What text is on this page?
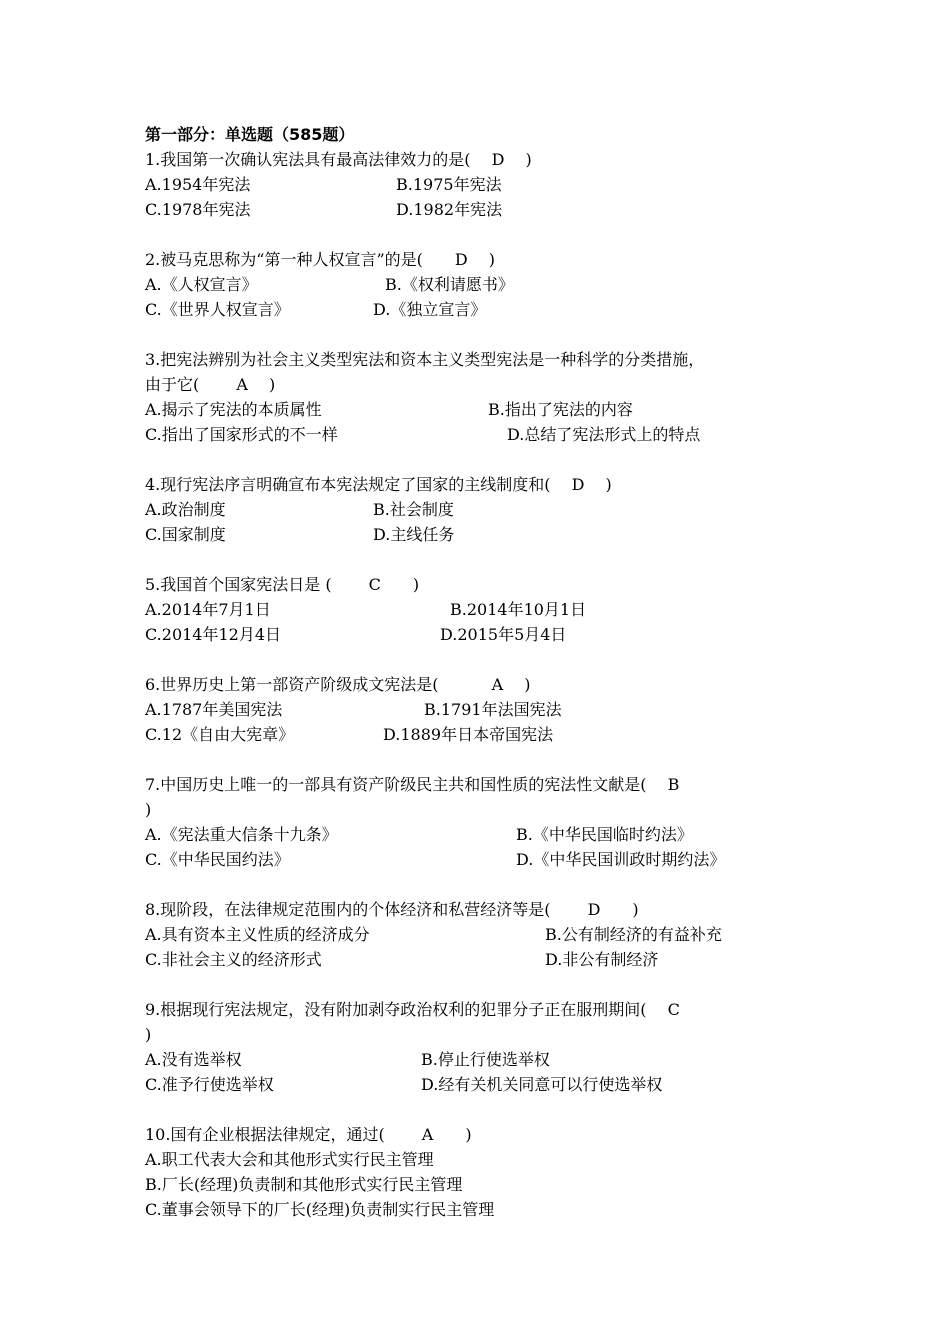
第一部分：单选题（585题）
1.我国第一次确认宪法具有最高法律效力的是(　 D　 )
A.1954年宪法	B.1975年宪法
C.1978年宪法	D.1982年宪法
2.被马克思称为“第一种人权宣言”的是(　　D　 )
A.《人权宣言》	B.《权利请愿书》
C.《世界人权宣言》	D.《独立宣言》
3.把宪法辨别为社会主义类型宪法和资本主义类型宪法是一种科学的分类措施，
由于它(　　 A　 )
A.揭示了宪法的本质属性	B.指出了宪法的内容
C.指出了国家形式的不一样	D.总结了宪法形式上的特点
4.现行宪法序言明确宣布本宪法规定了国家的主线制度和(　 D　 )
A.政治制度	B.社会制度
C.国家制度	D.主线任务
5.我国首个国家宪法日是 (　　 C　　)
A.2014年7月1日	B.2014年10月1日
C.2014年12月4日	D.2015年5月4日
6.世界历史上第一部资产阶级成文宪法是(　　　 A　 )
A.1787年美国宪法	B.1791年法国宪法
C.12《自由大宪章》	D.1889年日本帝国宪法
7.中国历史上唯一的一部具有资产阶级民主共和国性质的宪法性文献是(　 B
)
A.《宪法重大信条十九条》	B.《中华民国临时约法》
C.《中华民国约法》	D.《中华民国训政时期约法》
8.现阶段，在法律规定范围内的个体经济和私营经济等是(　　 D　　)
A.具有资本主义性质的经济成分	B.公有制经济的有益补充
C.非社会主义的经济形式	D.非公有制经济
9.根据现行宪法规定，没有附加剥夺政治权利的犯罪分子正在服刑期间(　 C
)
A.没有选举权	B.停止行使选举权
C.准予行使选举权	D.经有关机关同意可以行使选举权
10.国有企业根据法律规定，通过(　　 A　　)
A.职工代表大会和其他形式实行民主管理
B.厂长(经理)负责制和其他形式实行民主管理
C.董事会领导下的厂长(经理)负责制实行民主管理
